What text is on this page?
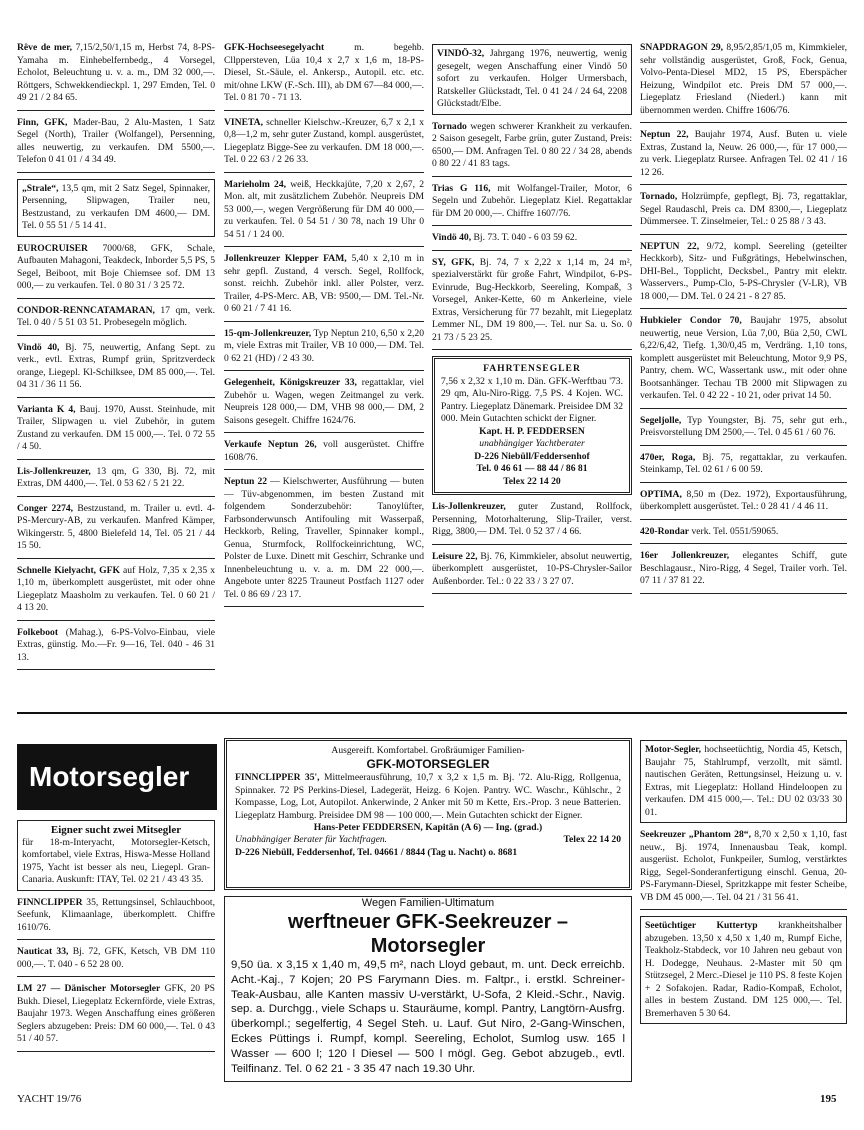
Rêve de mer, 7,15/2,50/1,15 m, Herbst 74, 8-PS-Yamaha m. Einhebelfernbedg., 4 Vorsegel, Echolot, Beleuchtung u. v. a. m., DM 32 000,—. Röttgers, Schwekkendieckpl. 1, 297 Emden, Tel. 0 49 21 / 2 84 65.
Finn, GFK, Mader-Bau, 2 Alu-Masten, 1 Satz Segel (North), Trailer (Wolfangel), Persenning, alles neuwertig, zu verkaufen. DM 5500,—. Telefon 0 41 01 / 4 34 49.
„Strale“, 13,5 qm, mit 2 Satz Segel, Spinnaker, Persenning, Slipwagen, Trailer neu, Bestzustand, zu verkaufen DM 4600,— DM. Tel. 0 55 51 / 5 14 41.
EUROCRUISER 7000/68, GFK, Schale, Aufbauten Mahagoni, Teakdeck, Inborder 5,5 PS, 5 Segel, Beiboot, mit Boje Chiemsee sof. DM 13 000,— zu verkaufen. Tel. 0 80 31 / 3 25 72.
CONDOR-RENNCATAMARAN, 17 qm, verk. Tel. 0 40 / 5 51 03 51. Probesegeln möglich.
Vindö 40, Bj. 75, neuwertig, Anfang Sept. zu verk., evtl. Extras, Rumpf grün, Spritzverdeck orange, Liegepl. Kl-Schilksee, DM 85 000,—. Tel. 04 31 / 36 11 56.
Varianta K 4, Bauj. 1970, Ausst. Steinhude, mit Trailer, Slipwagen u. viel Zubehör, in gutem Zustand zu verkaufen. DM 15 000,—. Tel. 0 72 55 / 4 50.
Lis-Jollenkreuzer, 13 qm, G 330, Bj. 72, mit Extras, DM 4400,—. Tel. 0 53 62 / 5 21 22.
Conger 2274, Bestzustand, m. Trailer u. evtl. 4-PS-Mercury-AB, zu verkaufen. Manfred Kämper, Wikingerstr. 5, 4800 Bielefeld 14, Tel. 05 21 / 44 15 50.
Schnelle Kielyacht, GFK auf Holz, 7,35 x 2,35 x 1,10 m, überkomplett ausgerüstet, mit oder ohne Liegeplatz Maasholm zu verkaufen. Tel. 0 60 21 / 4 13 20.
Folkeboot (Mahag.), 6-PS-Volvo-Einbau, viele Extras, günstig. Mo.—Fr. 9—16, Tel. 040 - 46 31 13.
GFK-Hochseesegelyacht	m. begehb. Cllppersteven, Lüa 10,4 x 2,7 x 1,6 m, 18-PS-Diesel, St.-Säule, el. Ankersp., Autopil. etc. etc. mit/ohne LKW (F.-Sch. III), ab DM 67—84 000,—. Tel. 0 81 70 - 71 13.
VINETA, schneller Kielschw.-Kreuzer, 6,7 x 2,1 x 0,8—1,2 m, sehr guter Zustand, kompl. ausgerüstet, Liegeplatz Bigge-See zu verkaufen. DM 18 000,—. Tel. 0 22 63 / 2 26 33.
Marieholm 24, weiß, Heckkajüte, 7,20 x 2,67, 2 Mon. alt, mit zusätzlichem Zubehör. Neupreis DM 53 000,—, wegen Vergrößerung für DM 40 000,— zu verkaufen. Tel. 0 54 51 / 30 78, nach 19 Uhr 0 54 51 / 1 24 00.
Jollenkreuzer Klepper FAM, 5,40 x 2,10 m in sehr gepfl. Zustand, 4 versch. Segel, Rollfock, sonst. reichh. Zubehör inkl. aller Polster, verz. Trailer, 4-PS-Merc. AB, VB: 9500,— DM. Tel.-Nr. 0 60 21 / 7 41 16.
15-qm-Jollenkreuzer, Typ Neptun 210, 6,50 x 2,20 m, viele Extras mit Trailer, VB 10 000,— DM. Tel. 0 62 21 (HD) / 2 43 30.
Gelegenheit, Königskreuzer 33, regattaklar, viel Zubehör u. Wagen, wegen Zeitmangel zu verk. Neupreis 128 000,— DM, VHB 98 000,— DM, 2 Saisons gesegelt. Chiffre 1624/76.
Verkaufe Neptun 26, voll ausgerüstet. Chiffre 1608/76.
Neptun 22 — Kielschwerter, Ausführung — buten — Tüv-abgenommen, im besten Zustand mit folgendem Sonderzubehör: Tanoylüfter, Farbsonderwunsch Antifouling mit Wasserpaß, Heckkorb, Reling, Traveller, Spinnaker kompl., Genua, Sturmfock, Rollfockeinrichtung, WC, Polster de Luxe. Dinett mit Geschirr, Schranke und Innenbeleuchtung u. v. a. m. DM 22 000,—. Angebote unter 8225 Trauneut Postfach 1127 oder Tel. 0 86 69 / 23 17.
VINDÖ-32, Jahrgang 1976, neuwertig, wenig gesegelt, wegen Anschaffung einer Vindö 50 sofort zu verkaufen. Holger Urmersbach, Ratskeller Glückstadt, Tel. 0 41 24 / 24 64, 2208 Glückstadt/Elbe.
Tornado wegen schwerer Krankheit zu verkaufen. 2 Saison gesegelt, Farbe grün, guter Zustand, Preis: 6500,— DM. Anfragen Tel. 0 80 22 / 34 28, abends 0 80 22 / 41 83 tags.
Trias G 116, mit Wolfangel-Trailer, Motor, 6 Segeln und Zubehör. Liegeplatz Kiel. Regattaklar für DM 20 000,—. Chiffre 1607/76.
Vindö 40, Bj. 73. T. 040 - 6 03 59 62.
SY, GFK, Bj. 74, 7 x 2,22 x 1,14 m, 24 m², spezialverstärkt für große Fahrt, Windpilot, 6-PS-Evinrude, Bug-Heckkorb, Seereling, Kompaß, 3 Vorsegel, Anker-Kette, 60 m Ankerleine, viele Extras, Versicherung für 77 bezahlt, mit Liegeplatz Lemmer NL, DM 19 800,—. Tel. nur Sa. u. So. 0 21 73 / 5 23 25.
FAHRTENSEGLER
7,56 x 2,32 x 1,10 m. Dän. GFK-Werftbau '73. 29 qm, Alu-Niro-Rigg. 7,5 PS. 4 Kojen. WC. Pantry. Liegeplatz Dänemark. Preisidee DM 32 000. Mein Gutachten schickt der Eigner.
Kapt. H. P. FEDDERSEN
unabhängiger Yachtberater
D-226 Niebüll/Feddersenhof
Tel. 0 46 61 — 88 44 / 86 81
Telex 22 14 20
Lis-Jollenkreuzer, guter Zustand, Rollfock, Persenning, Motorhalterung, Slip-Trailer, verst. Rigg, 3800,— DM. Tel. 0 52 37 / 4 66.
Leisure 22, Bj. 76, Kimmkieler, absolut neuwertig, überkomplett ausgerüstet, 10-PS-Chrysler-Sailor Außenborder. Tel.: 0 22 33 / 3 27 07.
SNAPDRAGON 29, 8,95/2,85/1,05 m, Kimmkieler, sehr vollständig ausgerüstet, Groß, Fock, Genua, Volvo-Penta-Diesel MD2, 15 PS, Eberspächer Heizung, Windpilot etc. Preis DM 57 000,—. Liegeplatz Friesland (Niederl.) kann mit übernommen werden. Chiffre 1606/76.
Neptun 22, Baujahr 1974, Ausf. Buten u. viele Extras, Zustand la, Neuw. 26 000,—, für 17 000,— zu verk. Liegeplatz Rursee. Anfragen Tel. 02 41 / 16 12 26.
Tornado, Holzrümpfe, gepflegt, Bj. 73, regattaklar, Segel Raudaschl, Preis ca. DM 8300,—, Liegeplatz Dümmersee. T. Zinselmeier, Tel.: 0 25 88 / 3 43.
NEPTUN 22, 9/72, kompl. Seereling (geteilter Heckkorb), Sitz- und Fußgrätings, Hebelwinschen, DHI-Bel., Topplicht, Decksbel., Pantry mit elektr. Wasservers., Pump-Clo, 5-PS-Chrysler (V-LR), VB 18 000,— DM. Tel. 0 24 21 - 8 27 85.
Hubkieler Condor 70, Baujahr 1975, absolut neuwertig, neue Version, Lüa 7,00, Büa 2,50, CWL 6,22/6,42, Tiefg. 1,30/0,45 m, Verdräng. 1,10 tons, komplett ausgerüstet mit Beleuchtung, Motor 9,9 PS, Pantry, chem. WC, Wassertank usw., mit oder ohne Bootsanhänger. Techau TB 2000 mit Slipwagen zu verkaufen. Tel. 0 42 22 - 10 21, oder privat 14 50.
Segeljolle, Typ Youngster, Bj. 75, sehr gut erh., Preisvorstellung DM 2500,—. Tel. 0 45 61 / 60 76.
470er, Roga, Bj. 75, regattaklar, zu verkaufen. Steinkamp, Tel. 02 61 / 6 00 59.
OPTIMA, 8,50 m (Dez. 1972), Exportausführung, überkomplett ausgerüstet. Tel.: 0 28 41 / 4 46 11.
420-Rondar verk. Tel. 0551/59065.
16er Jollenkreuzer, elegantes Schiff, gute Beschlagausr., Niro-Rigg, 4 Segel, Trailer vorh. Tel. 07 11 / 37 81 22.
Motorsegler
Eigner sucht zwei Mitsegler
für 18-m-Interyacht, Motorsegler-Ketsch, komfortabel, viele Extras, Hiswa-Messe Holland 1975, Yacht ist besser als neu, Liegepl. Gran-Canaria. Auskunft: ITAY, Tel. 02 21 / 43 43 35.
FINNCLIPPER 35, Rettungsinsel, Schlauchboot, Seefunk, Klimaanlage, überkomplett. Chiffre 1610/76.
Nauticat 33, Bj. 72, GFK, Ketsch, VB DM 110 000,—. T. 040 - 6 52 28 00.
LM 27 — Dänischer Motorsegler GFK, 20 PS Bukh. Diesel, Liegeplatz Eckernförde, viele Extras, Baujahr 1973. Wegen Anschaffung eines größeren Seglers abzugeben: Preis: DM 60 000,—. Tel. 0 43 51 / 40 57.
Ausgereift. Komfortabel. Großräumiger Familien-
GFK-MOTORSEGLER
FINNCLIPPER 35', Mittelmeerausführung, 10,7 x 3,2 x 1,5 m. Bj. '72. Alu-Rigg, Rollgenua, Spinnaker. 72 PS Perkins-Diesel, Ladegerät, Heizg. 6 Kojen. Pantry. WC. Waschr., Kühlschr., 2 Kompasse, Log, Lot, Autopilot. Ankerwinde, 2 Anker mit 50 m Kette, Ers.-Prop. 3 neue Batterien. Liegeplatz Hamburg. Preisidee DM 98 — 100 000,—. Mein Gutachten schickt der Eigner.
Hans-Peter FEDDERSEN, Kapitän (A 6) — Ing. (grad.)
Unabhängiger Berater für Yachtfragen.	Telex 22 14 20
D-226 Niebüll, Feddersenhof, Tel. 04661 / 8844 (Tag u. Nacht) o. 8681
Wegen Familien-Ultimatum
werftneuer GFK-Seekreuzer – Motorsegler
9,50 üa. x 3,15 x 1,40 m, 49,5 m², nach Lloyd gebaut, m. unt. Deck erreichb. Acht.-Kaj., 7 Kojen; 20 PS Farymann Dies. m. Faltpr., i. erstkl. Schreiner-Teak-Ausbau, alle Kanten massiv U-verstärkt, U-Sofa, 2 Kleid.-Schr., Navig. sep. a. Durchgg., viele Schaps u. Stauräume, kompl. Pantry, Langtörn-Ausfrg. überkompl.; segelfertig, 4 Segel Steh. u. Lauf. Gut Niro, 2-Gang-Winschen, Eckes Püttings i. Rumpf, kompl. Seereling, Echolot, Sumlog usw. 165 l Wasser — 600 l; 120 l Diesel — 500 l mögl. Geg. Gebot abzugeb., evtl. Teilfinanz. Tel. 0 62 21 - 3 35 47 nach 19.30 Uhr.
Motor-Segler, hochseetüchtig, Nordia 45, Ketsch, Baujahr 75, Stahlrumpf, verzollt, mit sämtl. nautischen Geräten, Rettungsinsel, Heizung u. v. Extras, mit Liegeplatz: Holland Hindeloopen zu verkaufen. DM 415 000,—. Tel.: DU 02 03/33 30 01.
Seekreuzer „Phantom 28“, 8,70 x 2,50 x 1,10, fast neuw., Bj. 1974, Innenausbau Teak, kompl. ausgerüst. Echolot, Funkpeiler, Sumlog, verstärktes Rigg, Segel-Sonderanfertigung einschl. Genua, 20-PS-Farymann-Diesel, Spritzkappe mit fester Scheibe, VB DM 45 000,—. Tel. 04 21 / 31 56 41.
Seetüchtiger Kuttertyp krankheitshalber abzugeben. 13,50 x 4,50 x 1,40 m, Rumpf Eiche, Teakholz-Stabdeck, vor 10 Jahren neu gebaut von H. Dodegge, Neuhaus. 2-Master mit 50 qm Stützsegel, 2 Merc.-Diesel je 110 PS. 8 feste Kojen + 2 Sofakojen. Radar, Radio-Kompaß, Echolot, alles in bestem Zustand. DM 125 000,—. Tel. Bremerhaven 5 30 64.
YACHT 19/76	195
